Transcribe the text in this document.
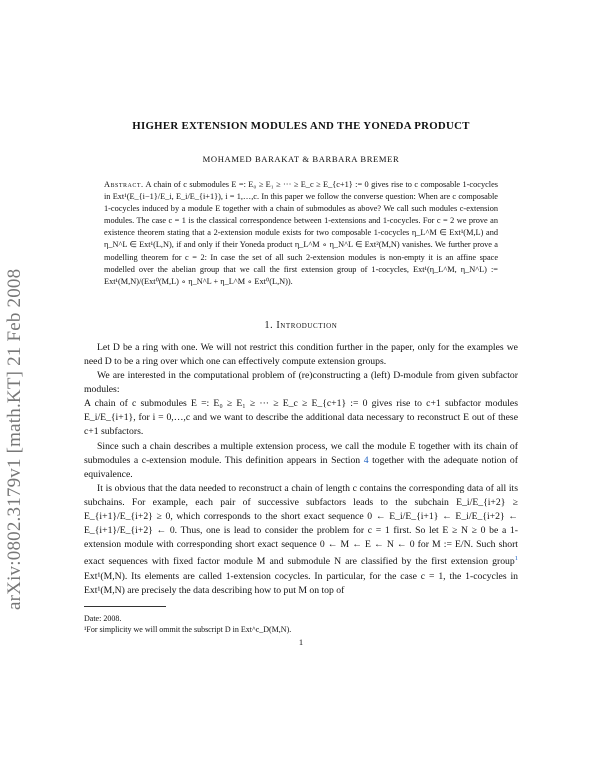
arXiv:0802.3179v1 [math.KT] 21 Feb 2008
HIGHER EXTENSION MODULES AND THE YONEDA PRODUCT
MOHAMED BARAKAT & BARBARA BREMER
Abstract. A chain of c submodules E =: E₀ ≥ E₁ ≥ ··· ≥ E_c ≥ E_{c+1} := 0 gives rise to c composable 1-cocycles in Ext¹(E_{i−1}/E_i, E_i/E_{i+1}), i = 1,…,c. In this paper we follow the converse question: When are c composable 1-cocycles induced by a module E together with a chain of submodules as above? We call such modules c-extension modules. The case c = 1 is the classical correspondence between 1-extensions and 1-cocycles. For c = 2 we prove an existence theorem stating that a 2-extension module exists for two composable 1-cocycles η_L^M ∈ Ext¹(M,L) and η_N^L ∈ Ext¹(L,N), if and only if their Yoneda product η_L^M ∘ η_N^L ∈ Ext²(M,N) vanishes. We further prove a modelling theorem for c = 2: In case the set of all such 2-extension modules is non-empty it is an affine space modelled over the abelian group that we call the first extension group of 1-cocycles, Ext¹(η_L^M, η_N^L) := Ext¹(M,N)/(Ext⁰(M,L) ∘ η_N^L + η_L^M ∘ Ext⁰(L,N)).
1. Introduction

Let D be a ring with one. We will not restrict this condition further in the paper, only for the examples we need D to be a ring over which one can effectively compute extension groups.

We are interested in the computational problem of (re)constructing a (left) D-module from given subfactor modules:

A chain of c submodules E =: E₀ ≥ E₁ ≥ ··· ≥ E_c ≥ E_{c+1} := 0 gives rise to c+1 subfactor modules E_i/E_{i+1}, for i = 0,…,c and we want to describe the additional data necessary to reconstruct E out of these c+1 subfactors.

Since such a chain describes a multiple extension process, we call the module E together with its chain of submodules a c-extension module. This definition appears in Section 4 together with the adequate notion of equivalence.

It is obvious that the data needed to reconstruct a chain of length c contains the corresponding data of all its subchains. For example, each pair of successive subfactors leads to the subchain E_i/E_{i+2} ≥ E_{i+1}/E_{i+2} ≥ 0, which corresponds to the short exact sequence 0 ← E_i/E_{i+1} ← E_i/E_{i+2} ← E_{i+1}/E_{i+2} ← 0. Thus, one is lead to consider the problem for c = 1 first. So let E ≥ N ≥ 0 be a 1-extension module with corresponding short exact sequence 0 ← M ← E ← N ← 0 for M := E/N. Such short exact sequences with fixed factor module M and submodule N are classified by the first extension group$^1$ Ext¹(M,N). Its elements are called 1-extension cocycles. In particular, for the case c = 1, the 1-cocycles in Ext¹(M,N) are precisely the data describing how to put M on top of

Date: 2008.
¹For simplicity we will ommit the subscript D in Ext^c_D(M,N).
1
